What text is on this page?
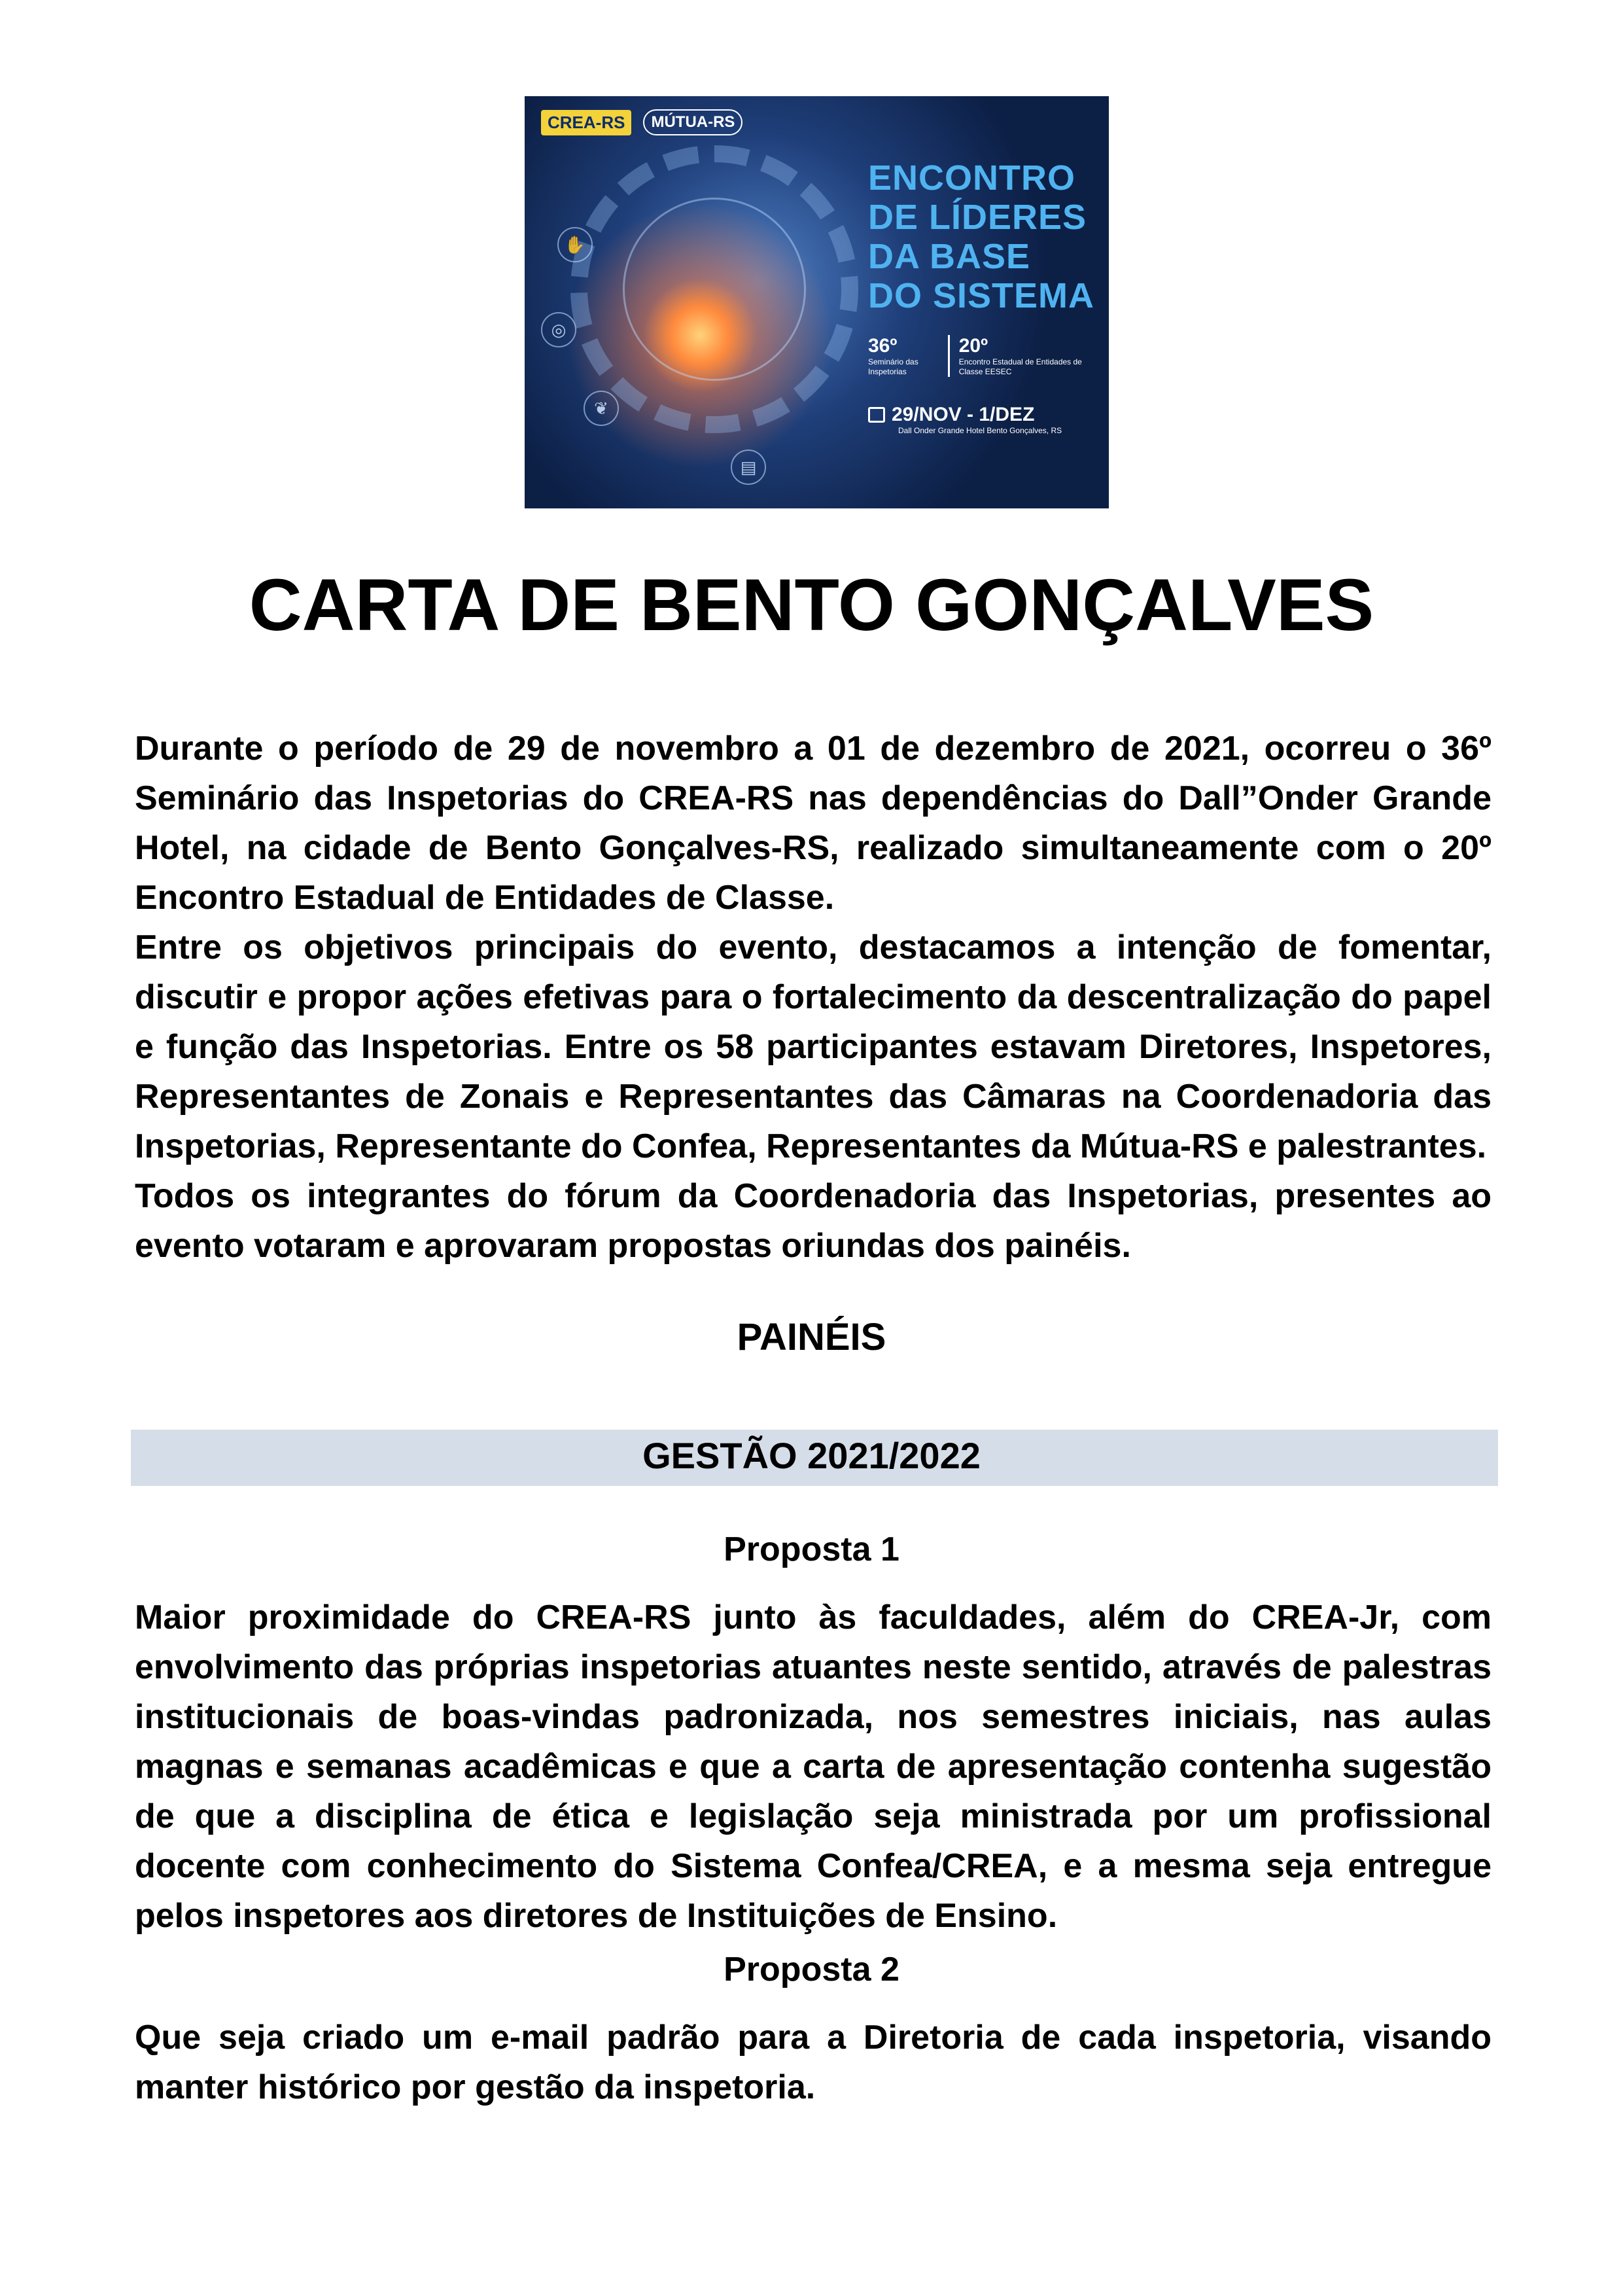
CREA-RS	MÚTUA-RS
✋
◎
❦
▤
ENCONTRO
DE LÍDERES
DA BASE
DO SISTEMA
36º
Seminário das Inspetorias
20º
Encontro Estadual de Entidades de Classe EESEC
29/NOV - 1/DEZ
Dall Onder Grande Hotel Bento Gonçalves, RS
CARTA DE BENTO GONÇALVES

Durante o período de 29 de novembro a 01 de dezembro de 2021, ocorreu o 36º Seminário das Inspetorias do CREA-RS nas dependências do Dall”Onder Grande Hotel, na cidade de Bento Gonçalves-RS, realizado simultaneamente com o 20º Encontro Estadual de Entidades de Classe.

Entre os objetivos principais do evento, destacamos a intenção de fomentar, discutir e propor ações efetivas para o fortalecimento da descentralização do papel e função das Inspetorias. Entre os 58 participantes estavam Diretores, Inspetores, Representantes de Zonais e Representantes das Câmaras na Coordenadoria das Inspetorias, Representante do Confea, Representantes da Mútua-RS e palestrantes.

Todos os integrantes do fórum da Coordenadoria das Inspetorias, presentes ao evento votaram e aprovaram propostas oriundas dos painéis.

PAINÉIS

GESTÃO 2021/2022

Proposta 1

Maior proximidade do CREA-RS junto às faculdades, além do CREA-Jr, com envolvimento das próprias inspetorias atuantes neste sentido, através de palestras institucionais de boas-vindas padronizada, nos semestres iniciais, nas aulas magnas e semanas acadêmicas e que a carta de apresentação contenha sugestão de que a disciplina de ética e legislação seja ministrada por um profissional docente com conhecimento do Sistema Confea/CREA, e a mesma seja entregue pelos inspetores aos diretores de Instituições de Ensino.

Proposta 2

Que seja criado um e-mail padrão para a Diretoria de cada inspetoria, visando manter histórico por gestão da inspetoria.
